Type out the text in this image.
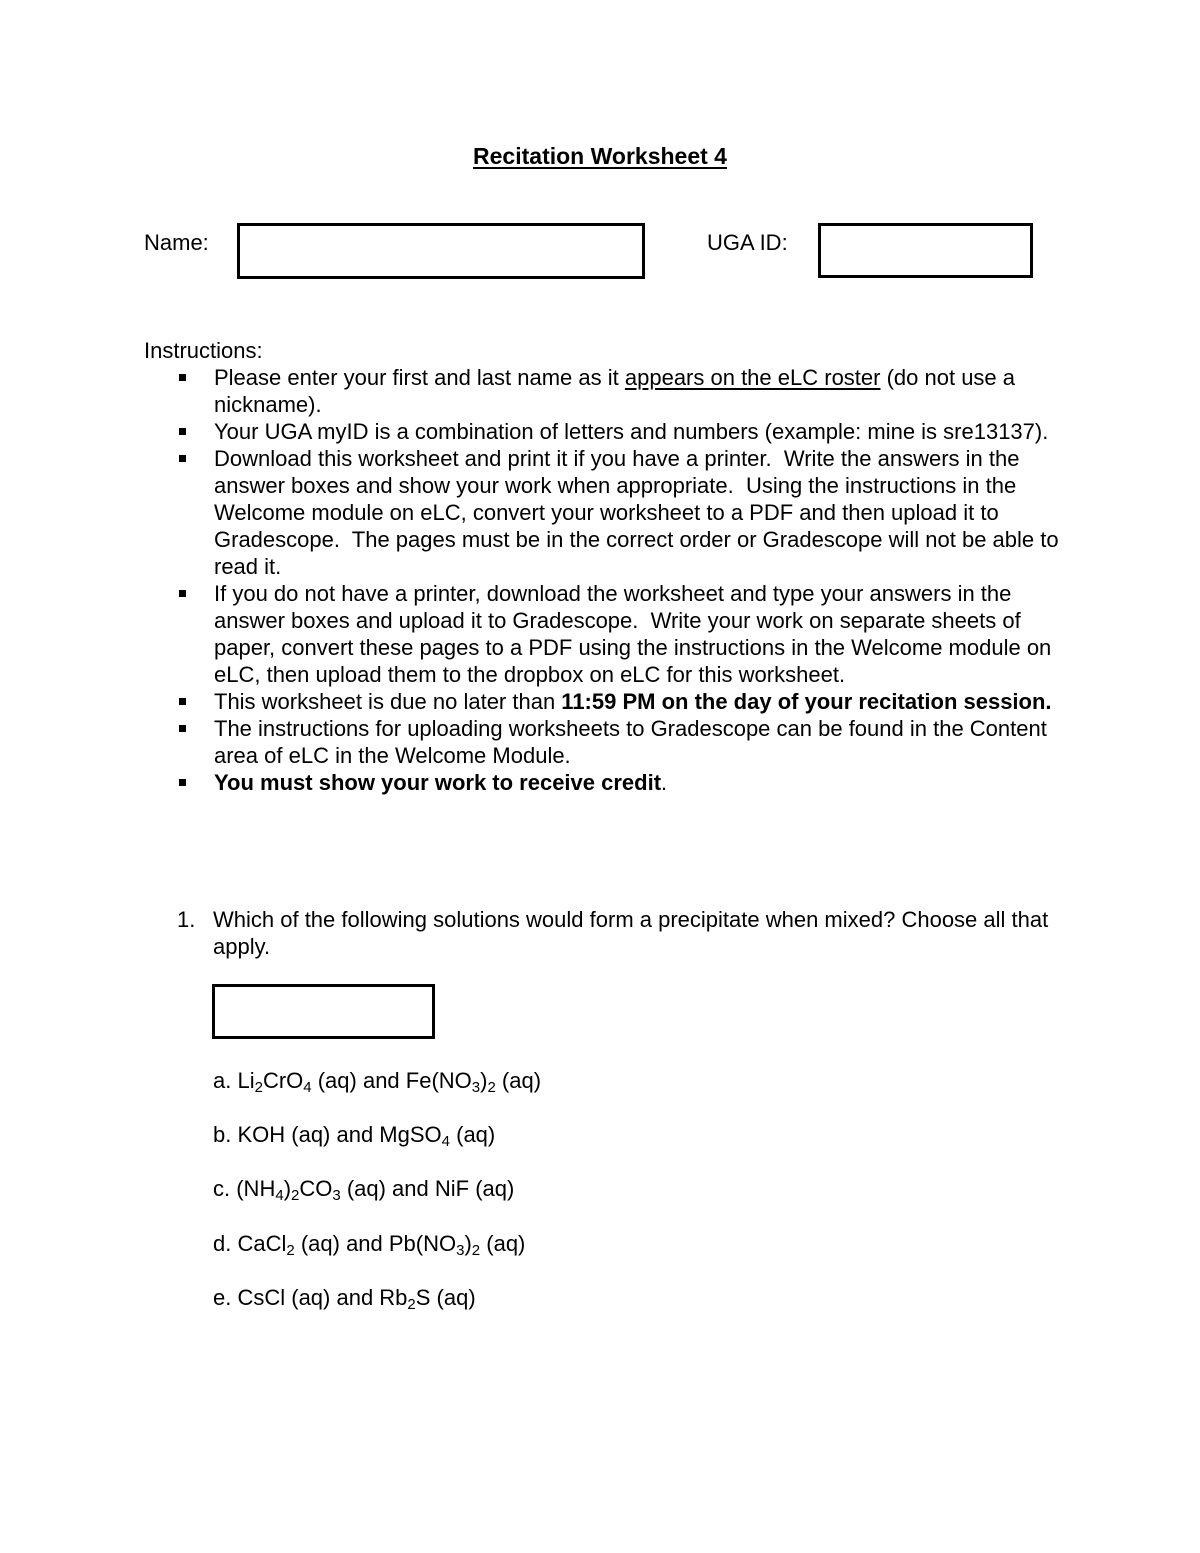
Recitation Worksheet 4
Name:	UGA ID:
Instructions:
Please enter your first and last name as it appears on the eLC roster (do not use a nickname).
Your UGA myID is a combination of letters and numbers (example: mine is sre13137).
Download this worksheet and print it if you have a printer.  Write the answers in the answer boxes and show your work when appropriate.  Using the instructions in the Welcome module on eLC, convert your worksheet to a PDF and then upload it to Gradescope.  The pages must be in the correct order or Gradescope will not be able to read it.
If you do not have a printer, download the worksheet and type your answers in the answer boxes and upload it to Gradescope.  Write your work on separate sheets of paper, convert these pages to a PDF using the instructions in the Welcome module on eLC, then upload them to the dropbox on eLC for this worksheet.
This worksheet is due no later than 11:59 PM on the day of your recitation session.
The instructions for uploading worksheets to Gradescope can be found in the Content area of eLC in the Welcome Module.
You must show your work to receive credit.
1. Which of the following solutions would form a precipitate when mixed? Choose all that apply.
a. $Li_2CrO_4$ (aq) and $Fe(NO_3)_2$ (aq)
b. KOH (aq) and MgSO$_4$ (aq)
c. $(NH_4)_2CO_3$ (aq) and NiF (aq)
d. CaCl$_2$ (aq) and $Pb(NO_3)_2$ (aq)
e. CsCl (aq) and $Rb_2S$ (aq)
